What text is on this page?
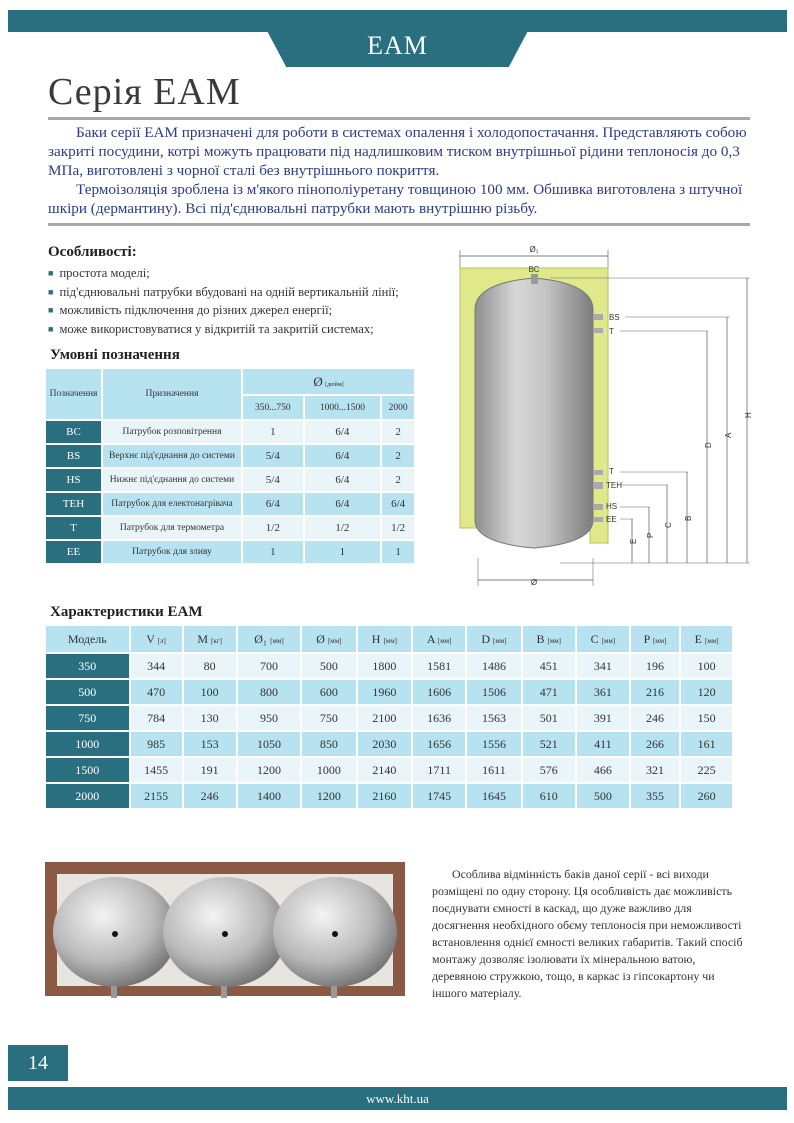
ЕАМ
Серія ЕАМ

Баки серії ЕАМ призначені для роботи в системах опалення і холодопостачання. Представляють собою закриті посудини, котрі можуть працювати під надлишковим тиском внутрішньої рідини теплоносія до 0,3 МПа, виготовлені з чорної сталі без внутрішнього покриття.

Термоізоляція зроблена із м'якого пінополіуретану товщиною 100 мм. Обшивка виготовлена з штучної шкіри (дермантину). Всі під'єднювальні патрубки мають внутрішню різьбу.

Особливості:
■ простота моделі;
■ під'єднювальні патрубки вбудовані на одній вертикальній лінії;
■ можливість підключення до різних джерел енергії;
■ може використовуватися у відкритій та закритій системах;
Умовні позначення
Позначення	Призначення	Ø [дюйм]		
		350...750	1000...1500	2000
ВС	Патрубок розповітрення	1	6/4	2
BS	Верхнє під'єднання до системи	5/4	6/4	2
HS	Нижнє під'єднання до системи	5/4	6/4	2
TEH	Патрубок для електонагрівача	6/4	6/4	6/4
T	Патрубок для термометра	1/2	1/2	1/2
EE	Патрубок для зливу	1	1	1
Ø₁
ВС
BS
T
T
TEH
HS
EE
H
A
D
B
C
P
E
Ø
Характеристики ЕАМ
Модель	V [л]	M [кг]	Ø₁ [мм]	Ø [мм]	H [мм]	A [мм]	D [мм]	B [мм]	C [мм]	P [мм]	E [мм]
350	344	80	700	500	1800	1581	1486	451	341	196	100
500	470	100	800	600	1960	1606	1506	471	361	216	120
750	784	130	950	750	2100	1636	1563	501	391	246	150
1000	985	153	1050	850	2030	1656	1556	521	411	266	161
1500	1455	191	1200	1000	2140	1711	1611	576	466	321	225
2000	2155	246	1400	1200	2160	1745	1645	610	500	355	260

Особлива відмінність баків даної серії - всі виходи розміщені по одну сторону. Ця особливість дає можливість поєднувати ємності в каскад, що дуже важливо для досягнення необхідного обєму теплоносія при неможливості встановлення однієї ємності великих габаритів. Такий спосіб монтажу дозволяє ізолювати їх мінеральною ватою, деревяною стружкою, тощо, в каркас із гіпсокартону чи іншого матеріалу.

14
www.kht.ua
